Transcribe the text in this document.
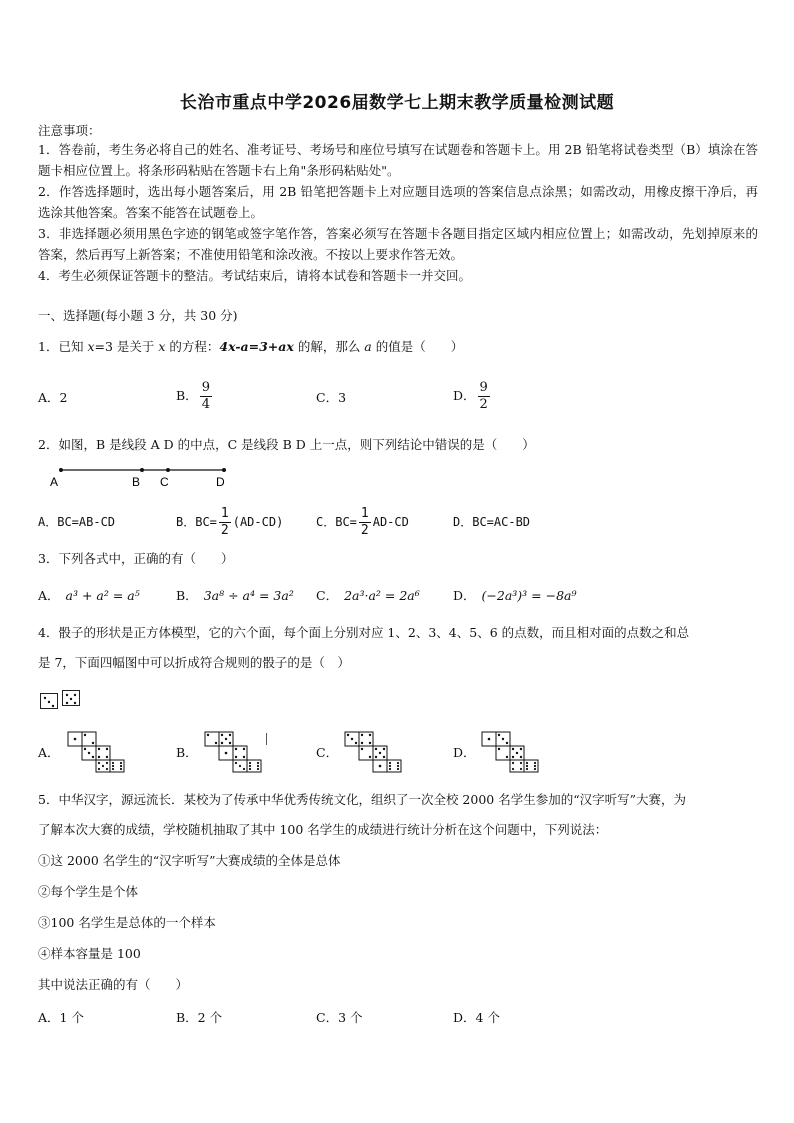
长治市重点中学2026届数学七上期末教学质量检测试题
注意事项：

1．答卷前，考生务必将自己的姓名、准考证号、考场号和座位号填写在试题卷和答题卡上。用 2B 铅笔将试卷类型（B）填涂在答题卡相应位置上。将条形码粘贴在答题卡右上角"条形码粘贴处"。

2．作答选择题时，选出每小题答案后，用 2B 铅笔把答题卡上对应题目选项的答案信息点涂黑；如需改动，用橡皮擦干净后，再选涂其他答案。答案不能答在试题卷上。

3．非选择题必须用黑色字迹的钢笔或签字笔作答，答案必须写在答题卡各题目指定区域内相应位置上；如需改动，先划掉原来的答案，然后再写上新答案；不准使用铅笔和涂改液。不按以上要求作答无效。

4．考生必须保证答题卡的整洁。考试结束后，请将本试卷和答题卡一并交回。

一、选择题(每小题 3 分，共 30 分)
1．已知 x=3 是关于 x 的方程：4x-a=3+ax 的解，那么 a 的值是（　　）
A．2	B． $\frac{9}{4}$	C．3	D． $\frac{9}{2}$
2．如图，B 是线段 A D 的中点，C 是线段 B D 上一点，则下列结论中错误的是（　　）
A	B C	D
A．BC=AB-CD	B．$BC= \frac{1}{2} (AD-CD)$	C．$BC= \frac{1}{2} AD-CD$	D．BC=AC-BD
3．下列各式中，正确的有（　　）
A． a³ + a² = a⁵	B． 3a⁸ ÷ a⁴ = 3a² C． 2a³·a² = 2a⁶	D． (−2a³)³ = −8a⁹
4．骰子的形状是正方体模型，它的六个面，每个面上分别对应 1、2、3、4、5、6 的点数，而且相对面的点数之和总
是 7，下面四幅图中可以折成符合规则的骰子的是（　）
A．	B．	C．	D．
5．中华汉字，源远流长．某校为了传承中华优秀传统文化，组织了一次全校 2000 名学生参加的“汉字听写”大赛，为
了解本次大赛的成绩，学校随机抽取了其中 100 名学生的成绩进行统计分析在这个问题中，下列说法：
①这 2000 名学生的“汉字听写”大赛成绩的全体是总体
②每个学生是个体
③100 名学生是总体的一个样本
④样本容量是 100
其中说法正确的有（　　）
A．1 个	B．2 个	C．3 个	D．4 个
